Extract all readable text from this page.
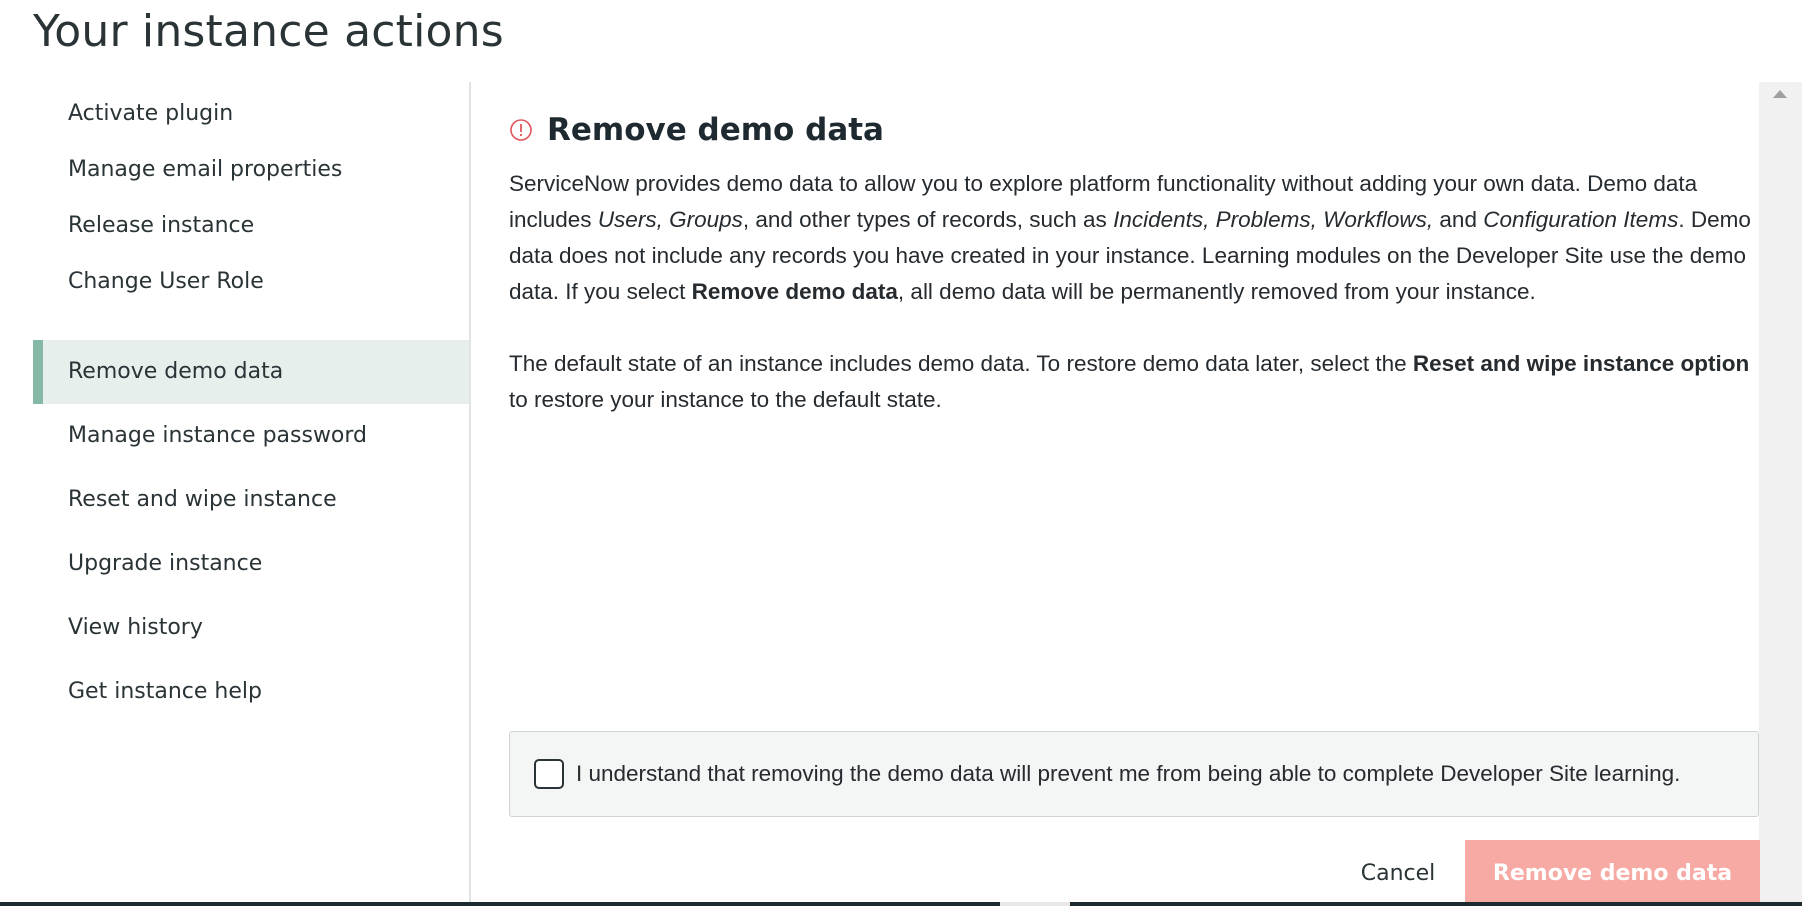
Your instance actions
Activate plugin
Manage email properties
Release instance
Change User Role
Remove demo data
Manage instance password
Reset and wipe instance
Upgrade instance
View history
Get instance help
Remove demo data

ServiceNow provides demo data to allow you to explore platform functionality without adding your own data. Demo data includes Users, Groups, and other types of records, such as Incidents, Problems, Workflows, and Configuration Items. Demo data does not include any records you have created in your instance. Learning modules on the Developer Site use the demo data. If you select Remove demo data, all demo data will be permanently removed from your instance.

The default state of an instance includes demo data. To restore demo data later, select the Reset and wipe instance option to restore your instance to the default state.

I understand that removing the demo data will prevent me from being able to complete Developer Site learning.
Cancel	Remove demo data
